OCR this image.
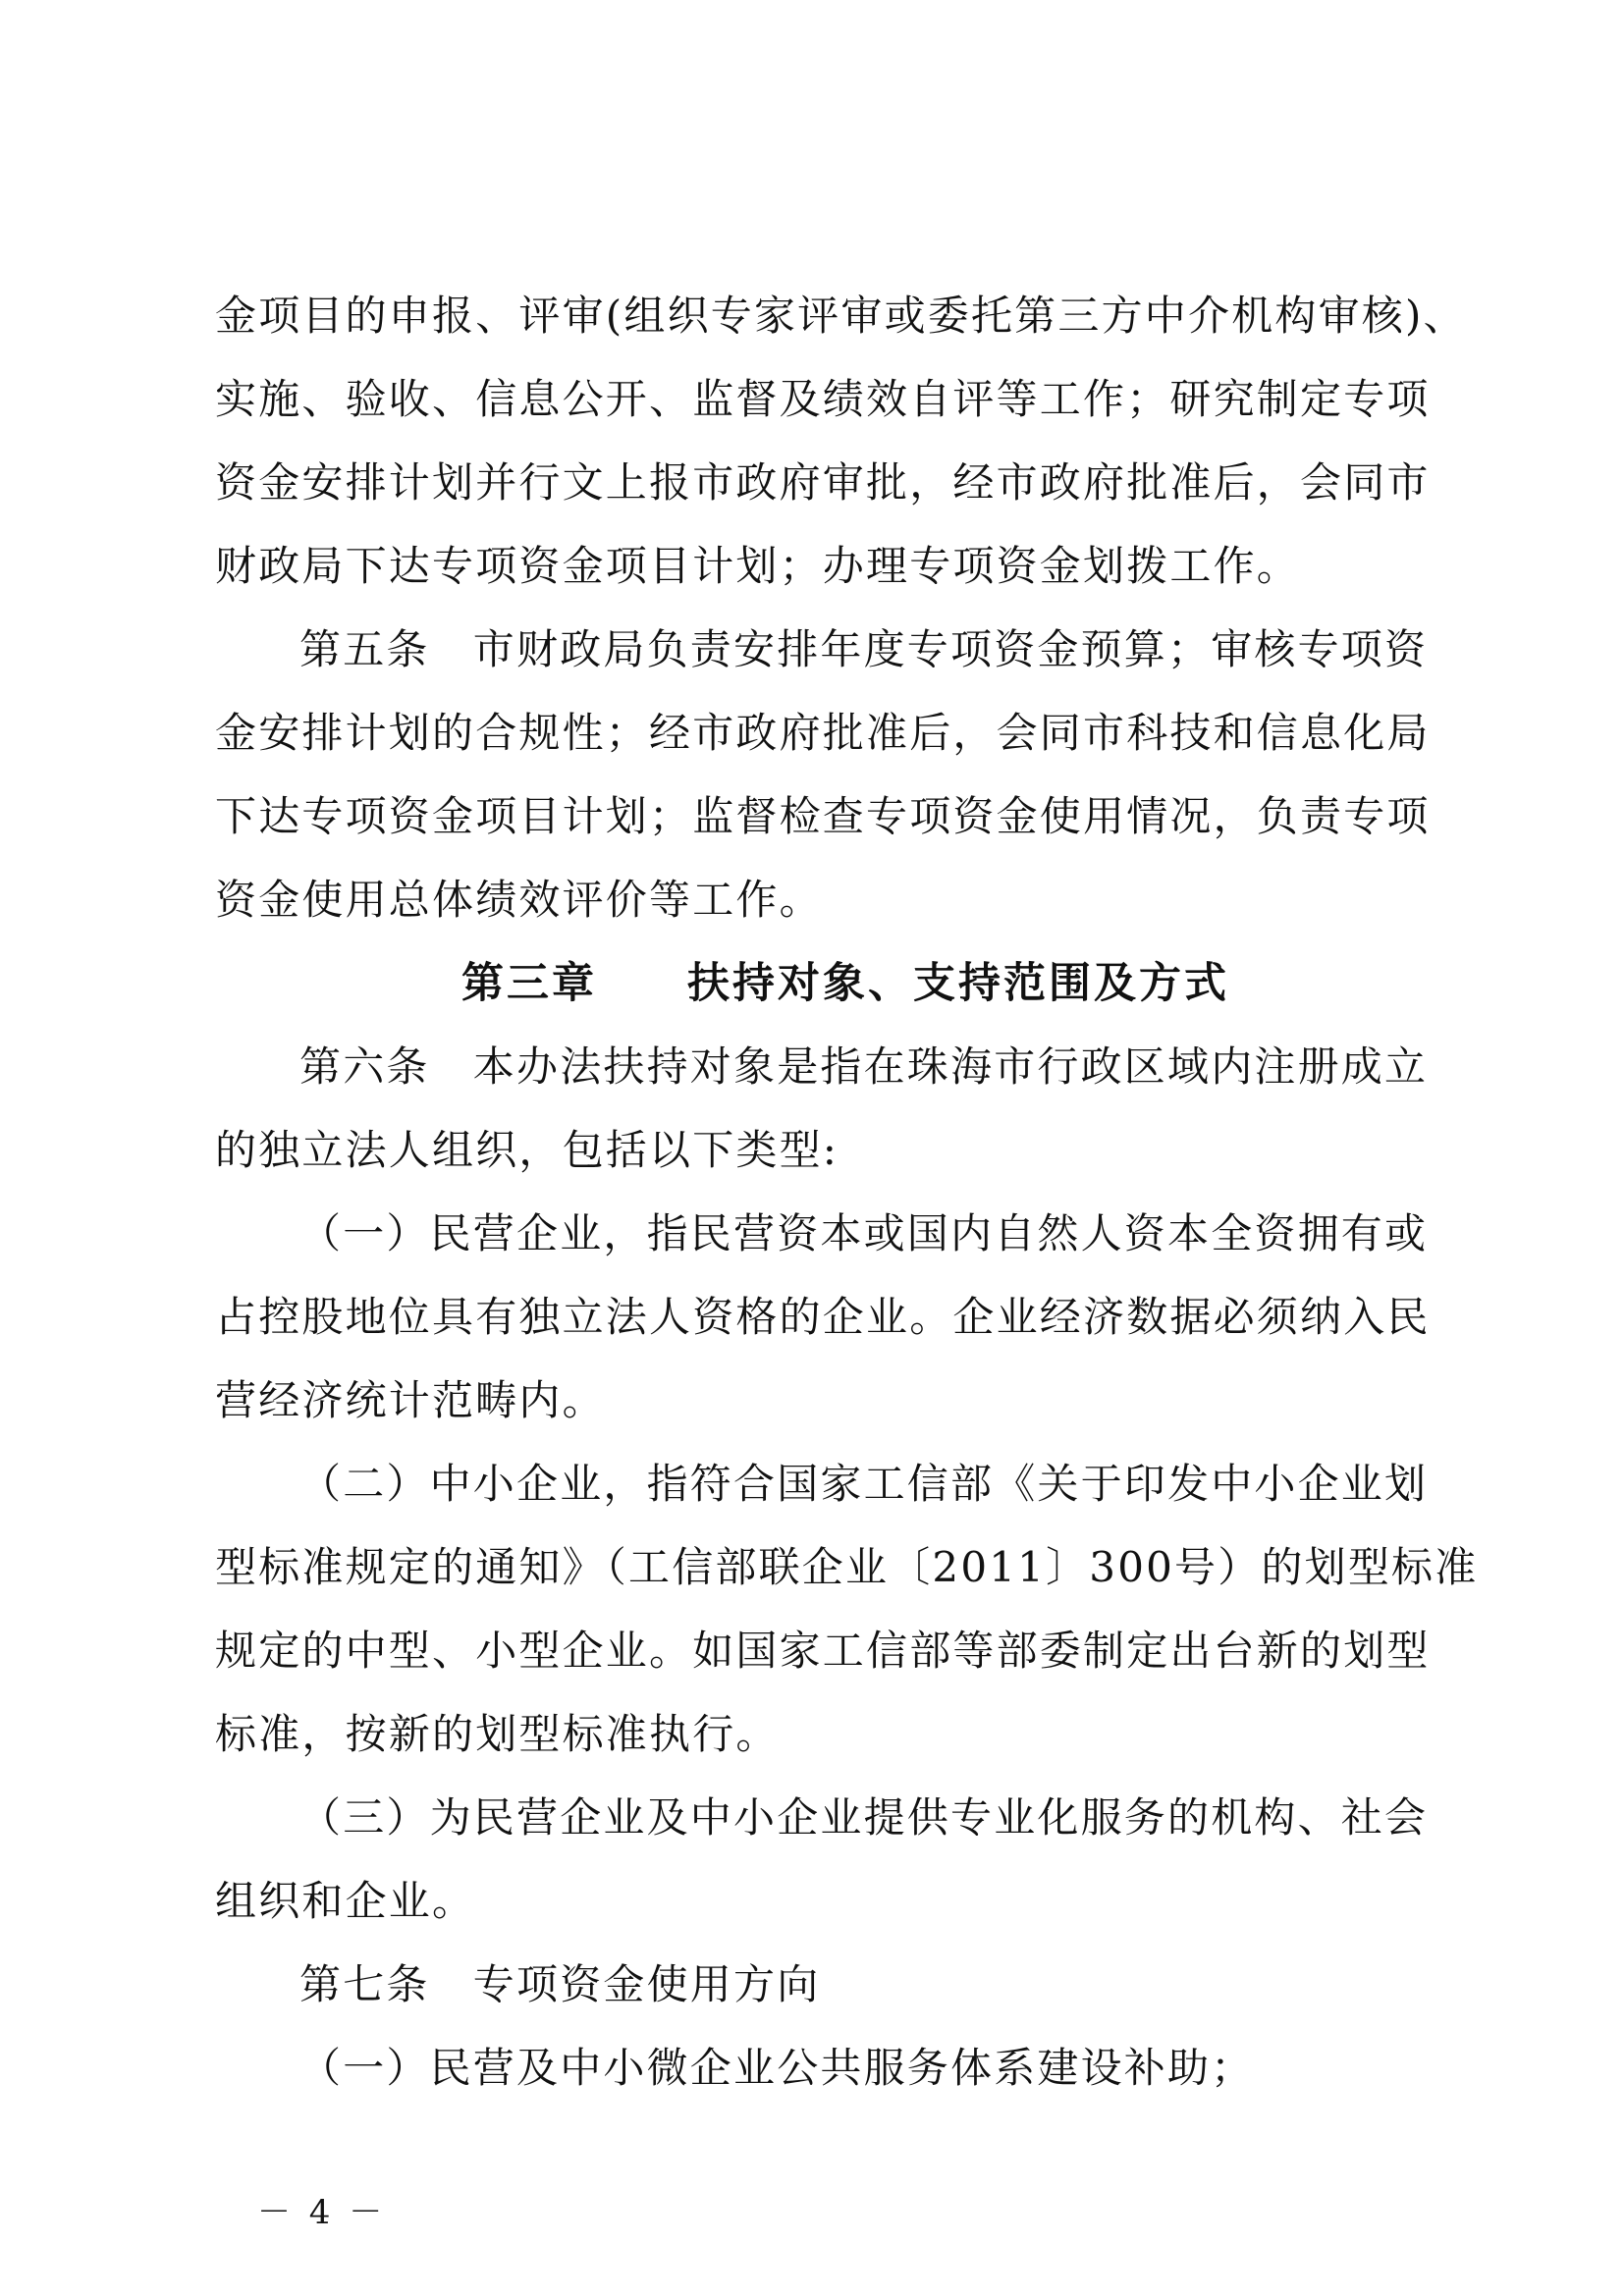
金项目的申报、评审(组织专家评审或委托第三方中介机构审核)、
实施、验收、信息公开、监督及绩效自评等工作；研究制定专项
资金安排计划并行文上报市政府审批，经市政府批准后，会同市
财政局下达专项资金项目计划；办理专项资金划拨工作。
第五条　市财政局负责安排年度专项资金预算；审核专项资
金安排计划的合规性；经市政府批准后，会同市科技和信息化局
下达专项资金项目计划；监督检查专项资金使用情况，负责专项
资金使用总体绩效评价等工作。
第三章　　扶持对象、支持范围及方式
第六条　本办法扶持对象是指在珠海市行政区域内注册成立
的独立法人组织，包括以下类型:
（一）民营企业，指民营资本或国内自然人资本全资拥有或
占控股地位具有独立法人资格的企业。企业经济数据必须纳入民
营经济统计范畴内。
（二）中小企业，指符合国家工信部《关于印发中小企业划
型标准规定的通知》（工信部联企业〔2011〕300号）的划型标准
规定的中型、小型企业。如国家工信部等部委制定出台新的划型
标准，按新的划型标准执行。
（三）为民营企业及中小企业提供专业化服务的机构、社会
组织和企业。
第七条　专项资金使用方向
（一）民营及中小微企业公共服务体系建设补助；
－ 4 －
